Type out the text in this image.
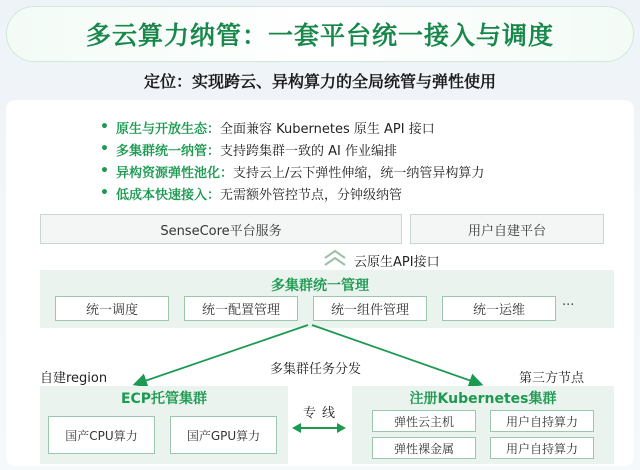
多云算力纳管：一套平台统一接入与调度
定位：实现跨云、异构算力的全局统管与弹性使用
• 原生与开放生态： 全面兼容 Kubernetes 原生 API 接口
• 多集群统一纳管： 支持跨集群一致的 AI 作业编排
• 异构资源弹性池化： 支持云上/云下弹性伸缩，统一纳管异构算力
• 低成本快速接入： 无需额外管控节点，分钟级纳管
SenseCore平台服务	用户自建平台
云原生API接口
多集群统一管理
统一调度	统一配置管理	统一组件管理	统一运维	···
多集群任务分发
自建region	第三方节点
ECP托管集群
国产CPU算力	国产GPU算力
专线
注册Kubernetes集群
弹性云主机	用户自持算力
弹性裸金属	用户自持算力
